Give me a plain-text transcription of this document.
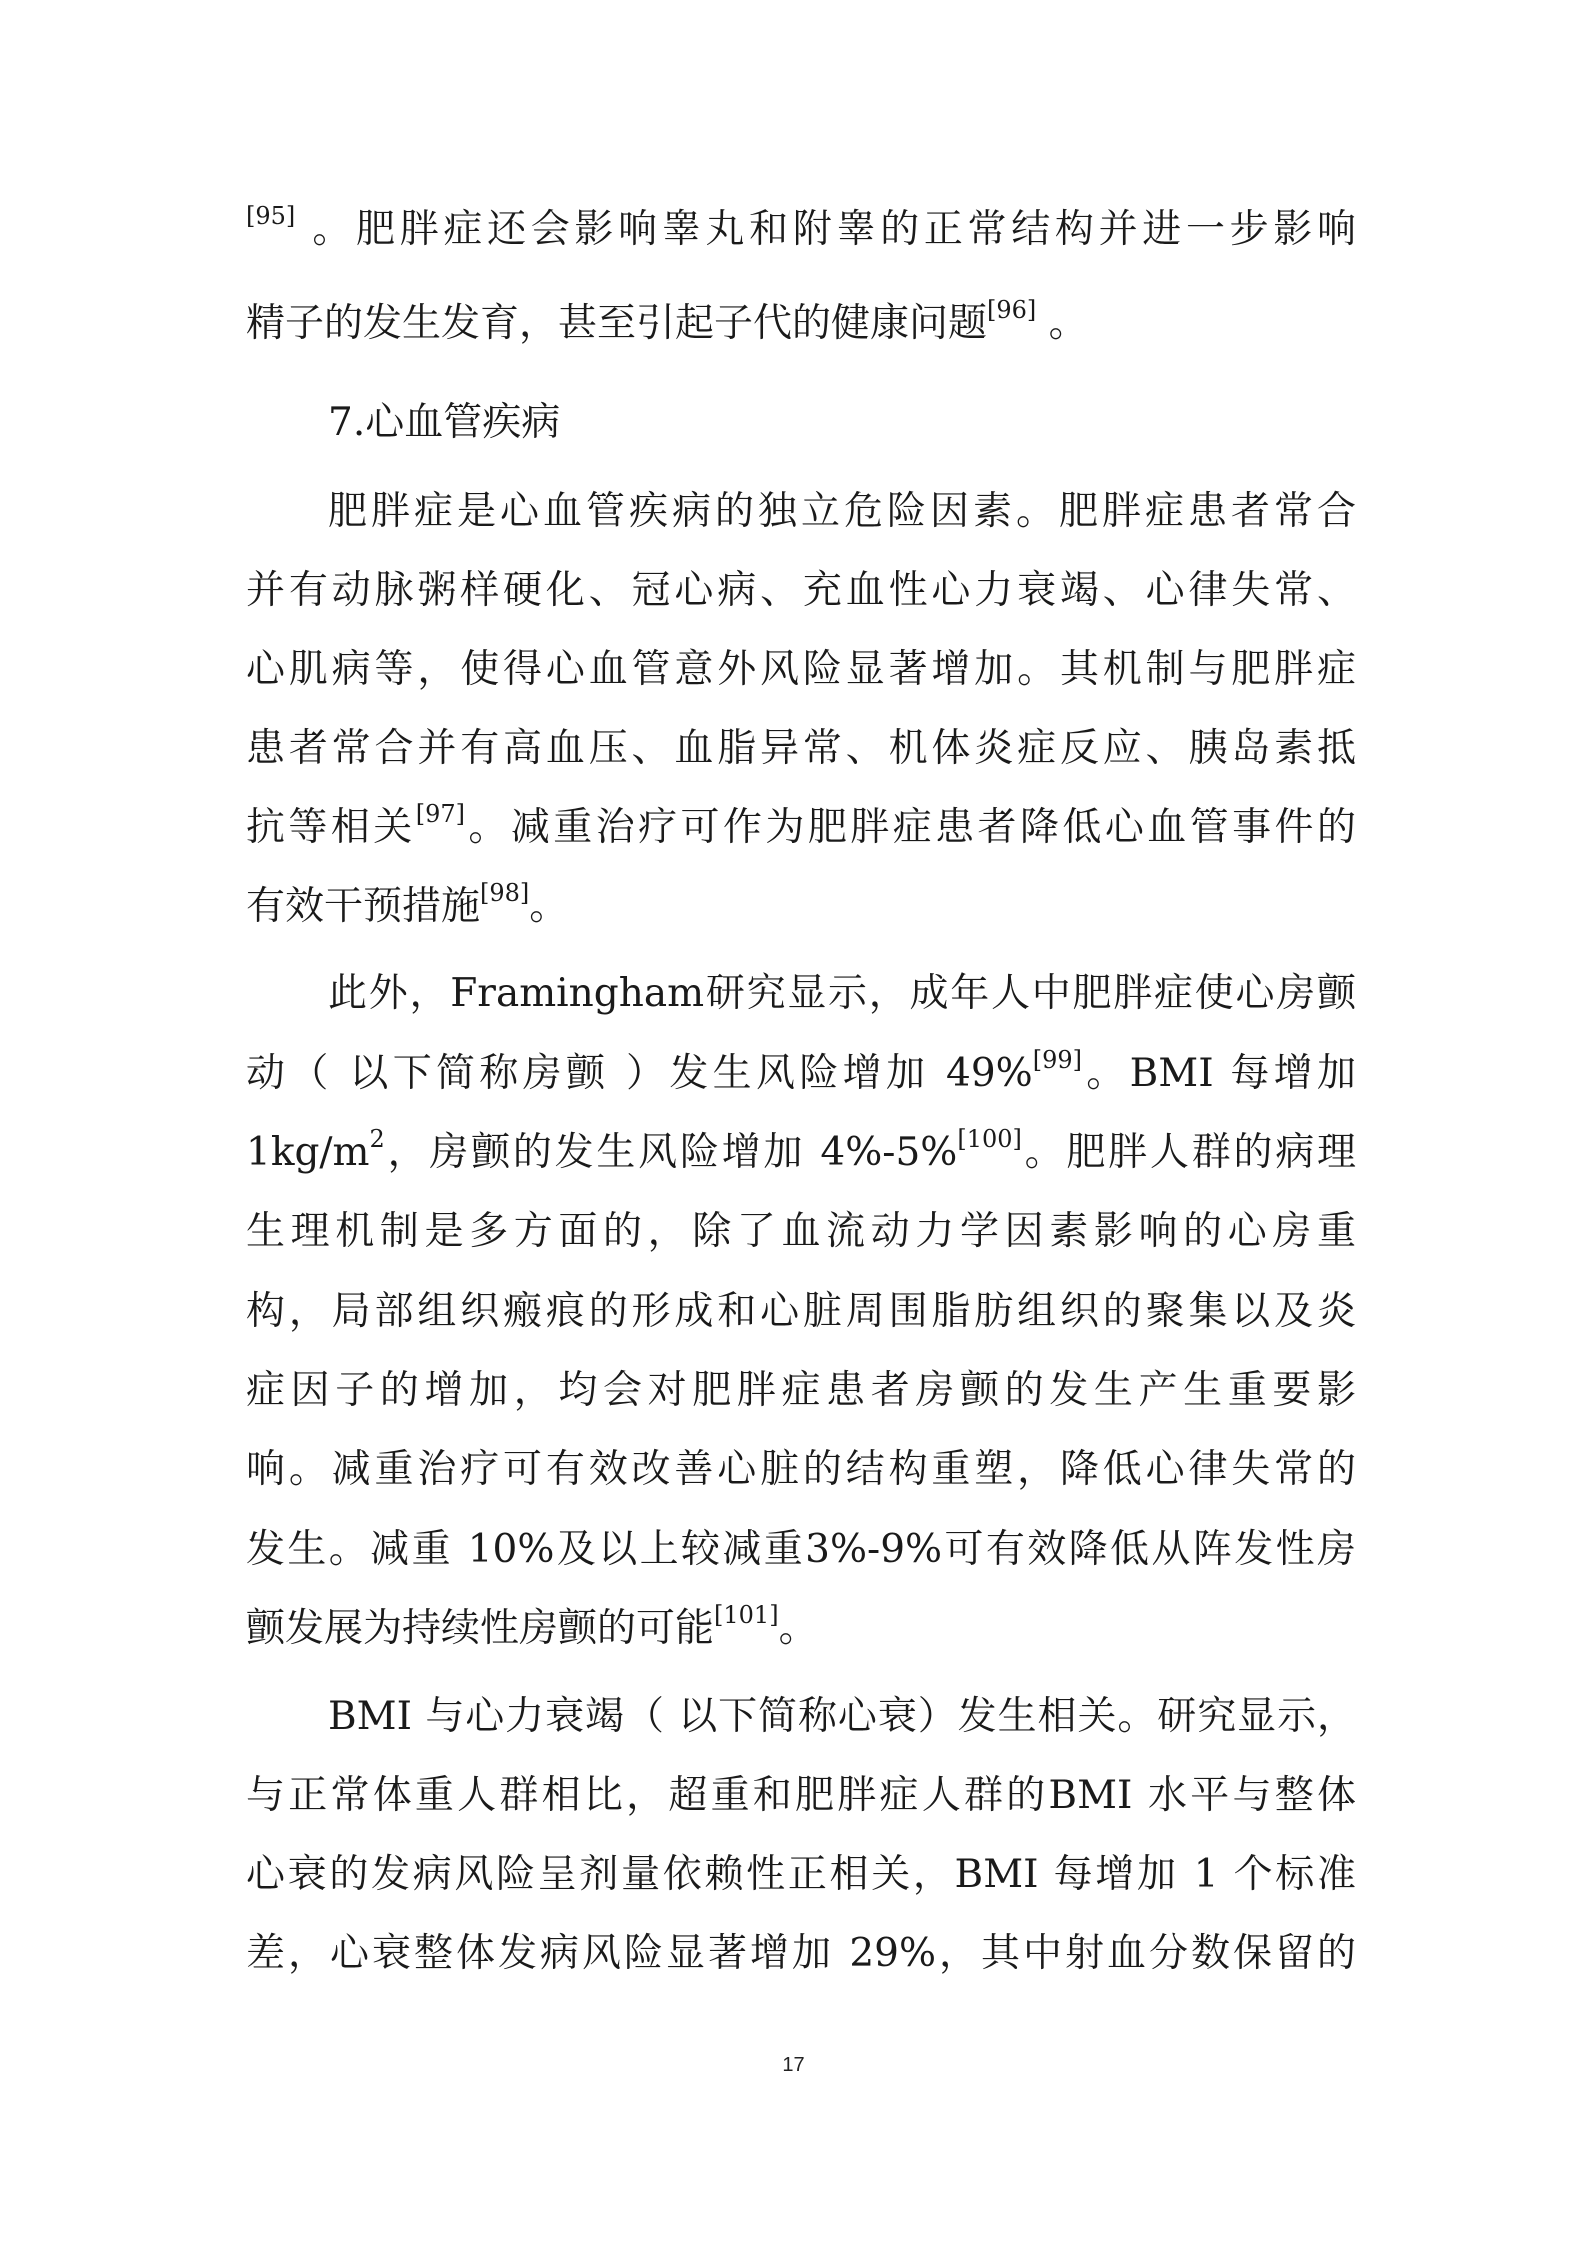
[95] 。肥胖症还会影响睾丸和附睾的正常结构并进一步影响
精子的发生发育，甚至引起子代的健康问题[96] 。
7.心血管疾病
肥胖症是心血管疾病的独立危险因素。肥胖症患者常合
并有动脉粥样硬化、冠心病、充血性心力衰竭、心律失常、
心肌病等，使得心血管意外风险显著增加。其机制与肥胖症
患者常合并有高血压、血脂异常、机体炎症反应、胰岛素抵
抗等相关[97]。减重治疗可作为肥胖症患者降低心血管事件的
有效干预措施[98]。
此外，Framingham研究显示，成年人中肥胖症使心房颤
动（ 以下简称房颤 ）发生风险增加 49%[99]。BMI 每增加
$1kg/m^2$，房颤的发生风险增加 4%-5%[100]。肥胖人群的病理
生理机制是多方面的，除了血流动力学因素影响的心房重
构，局部组织瘢痕的形成和心脏周围脂肪组织的聚集以及炎
症因子的增加，均会对肥胖症患者房颤的发生产生重要影
响。减重治疗可有效改善心脏的结构重塑，降低心律失常的
发生。减重 10%及以上较减重3%-9%可有效降低从阵发性房
颤发展为持续性房颤的可能[101]。
BMI 与心力衰竭（ 以下简称心衰）发生相关。研究显示，
与正常体重人群相比，超重和肥胖症人群的BMI 水平与整体
心衰的发病风险呈剂量依赖性正相关，BMI 每增加 1 个标准
差，心衰整体发病风险显著增加 29%，其中射血分数保留的
17
